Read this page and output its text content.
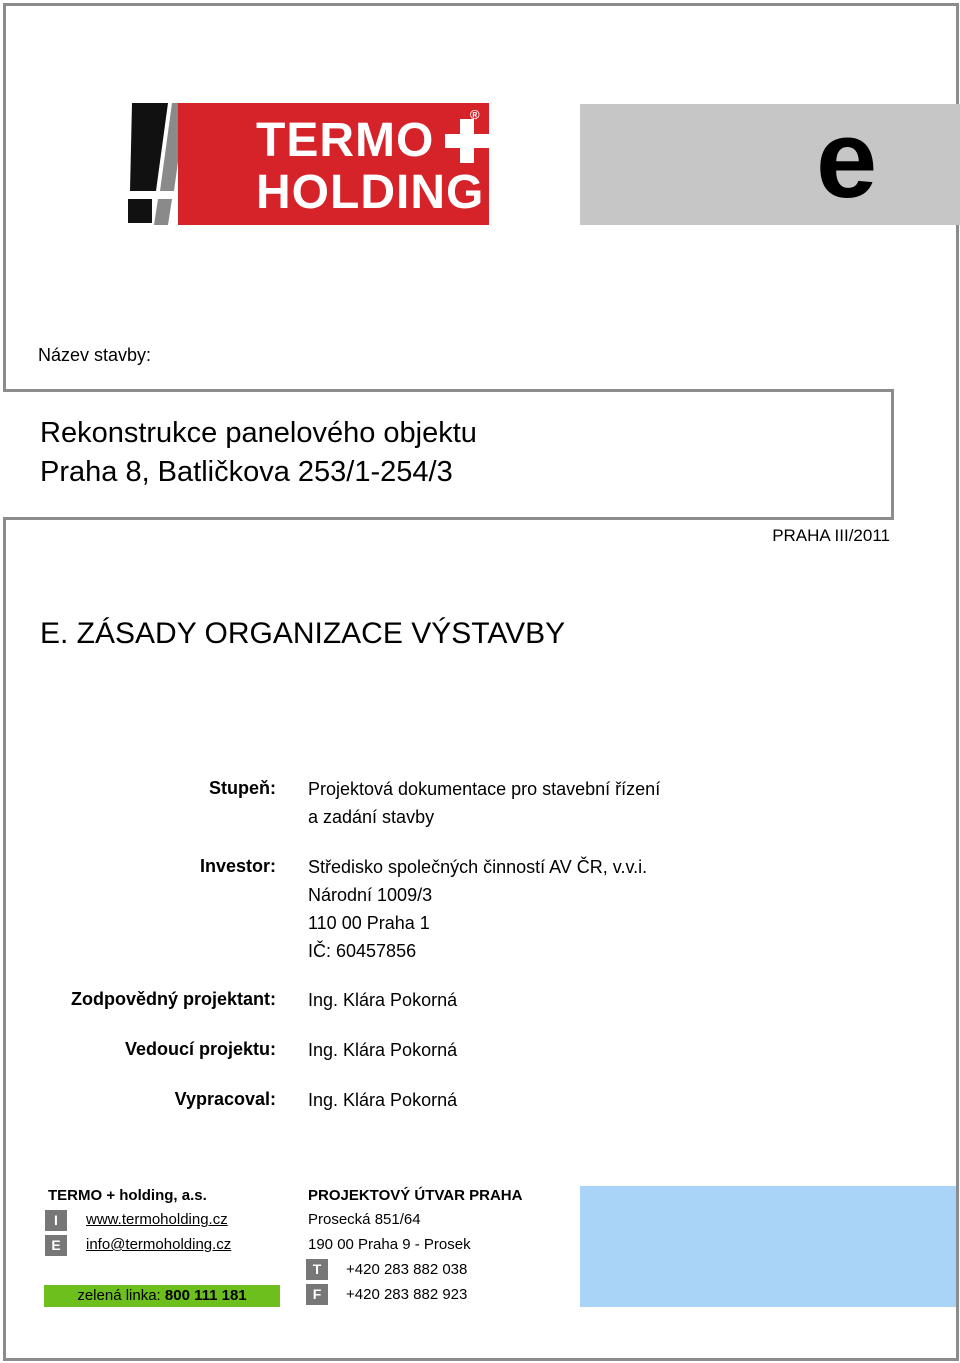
TERMO
HOLDING
®	e
Název stavby:
Rekonstrukce panelového objektu
Praha 8, Batličkova 253/1-254/3
PRAHA III/2011
E. ZÁSADY ORGANIZACE VÝSTAVBY
Stupeň: Projektová dokumentace pro stavební řízení
a zadání stavby
Investor: Středisko společných činností AV ČR, v.v.i.
Národní 1009/3
110 00 Praha 1
IČ: 60457856
Zodpovědný projektant: Ing. Klára Pokorná
Vedoucí projektu: Ing. Klára Pokorná
Vypracoval: Ing. Klára Pokorná
TERMO + holding, a.s.
I	www.termoholding.cz
E	info@termoholding.cz
zelená linka: 800 111 181
PROJEKTOVÝ ÚTVAR PRAHA
Prosecká 851/64
190 00 Praha 9 - Prosek
T	+420 283 882 038
F	+420 283 882 923
